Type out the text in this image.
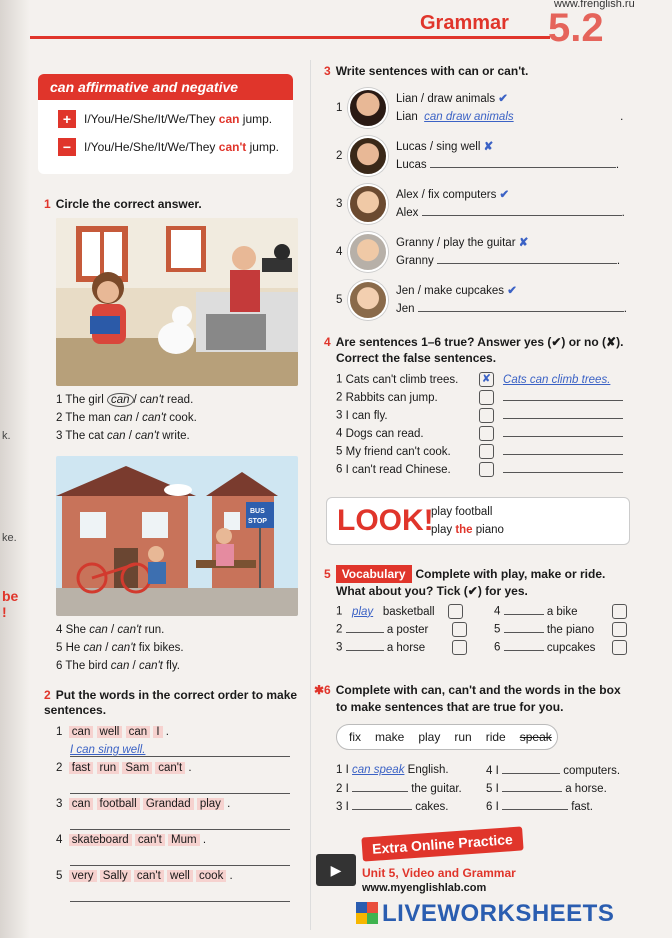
k.
ke.
be
!
Grammar 5.2
www.frenglish.ru
can affirmative and negative
+	I/You/He/She/It/We/They
can
jump.
−	I/You/He/She/It/We/They
can't
jump.
1 Circle the correct answer.
1 The girl can / can't read.
2 The man can / can't cook.
3 The cat can / can't write.
BUS
STOP
4 She can / can't run.
5 He can / can't fix bikes.
6 The bird can / can't fly.
2 Put the words in the correct order to make sentences.
1 can well can I .
I can sing well.
2 fast run Sam can't .
3 can football Grandad play .
4 skateboard can't Mum .
5 very Sally can't well cook .
3 Write sentences with can or can't.
1
Lian / draw animals ✔
Lian can draw animals	.
2
Lucas / sing well ✘
Lucas	.
3
Alex / fix computers ✔
Alex	.
4
Granny / play the guitar ✘
Granny	.
5
Jen / make cupcakes ✔
Jen	.
4 Are sentences 1–6 true? Answer yes (✔) or no (✘).
Correct the false sentences.
1 Cats can't climb trees. ✘ Cats can climb trees.
2 Rabbits can jump.
3 I can fly.
4 Dogs can read.
5 My friend can't cook.
6 I can't read Chinese.
LOOK!
play football
play the piano
5 Vocabulary Complete with play, make or ride.
What about you? Tick (✔) for yes.
1 play basketball
2	a poster
3	a horse
4	a bike
5	the piano
6	cupcakes
✱6 Complete with can, can't and the words in the box
to make sentences that are true for you.
fix make play run ride speak
1 I can speak English.
2 I	the guitar.
3 I	cakes.
4 I	computers.
5 I	a horse.
6 I	fast.
Extra Online Practice
▶	Unit 5, Video and Grammar
www.myenglishlab.com
LIVEWORKSHEETS
